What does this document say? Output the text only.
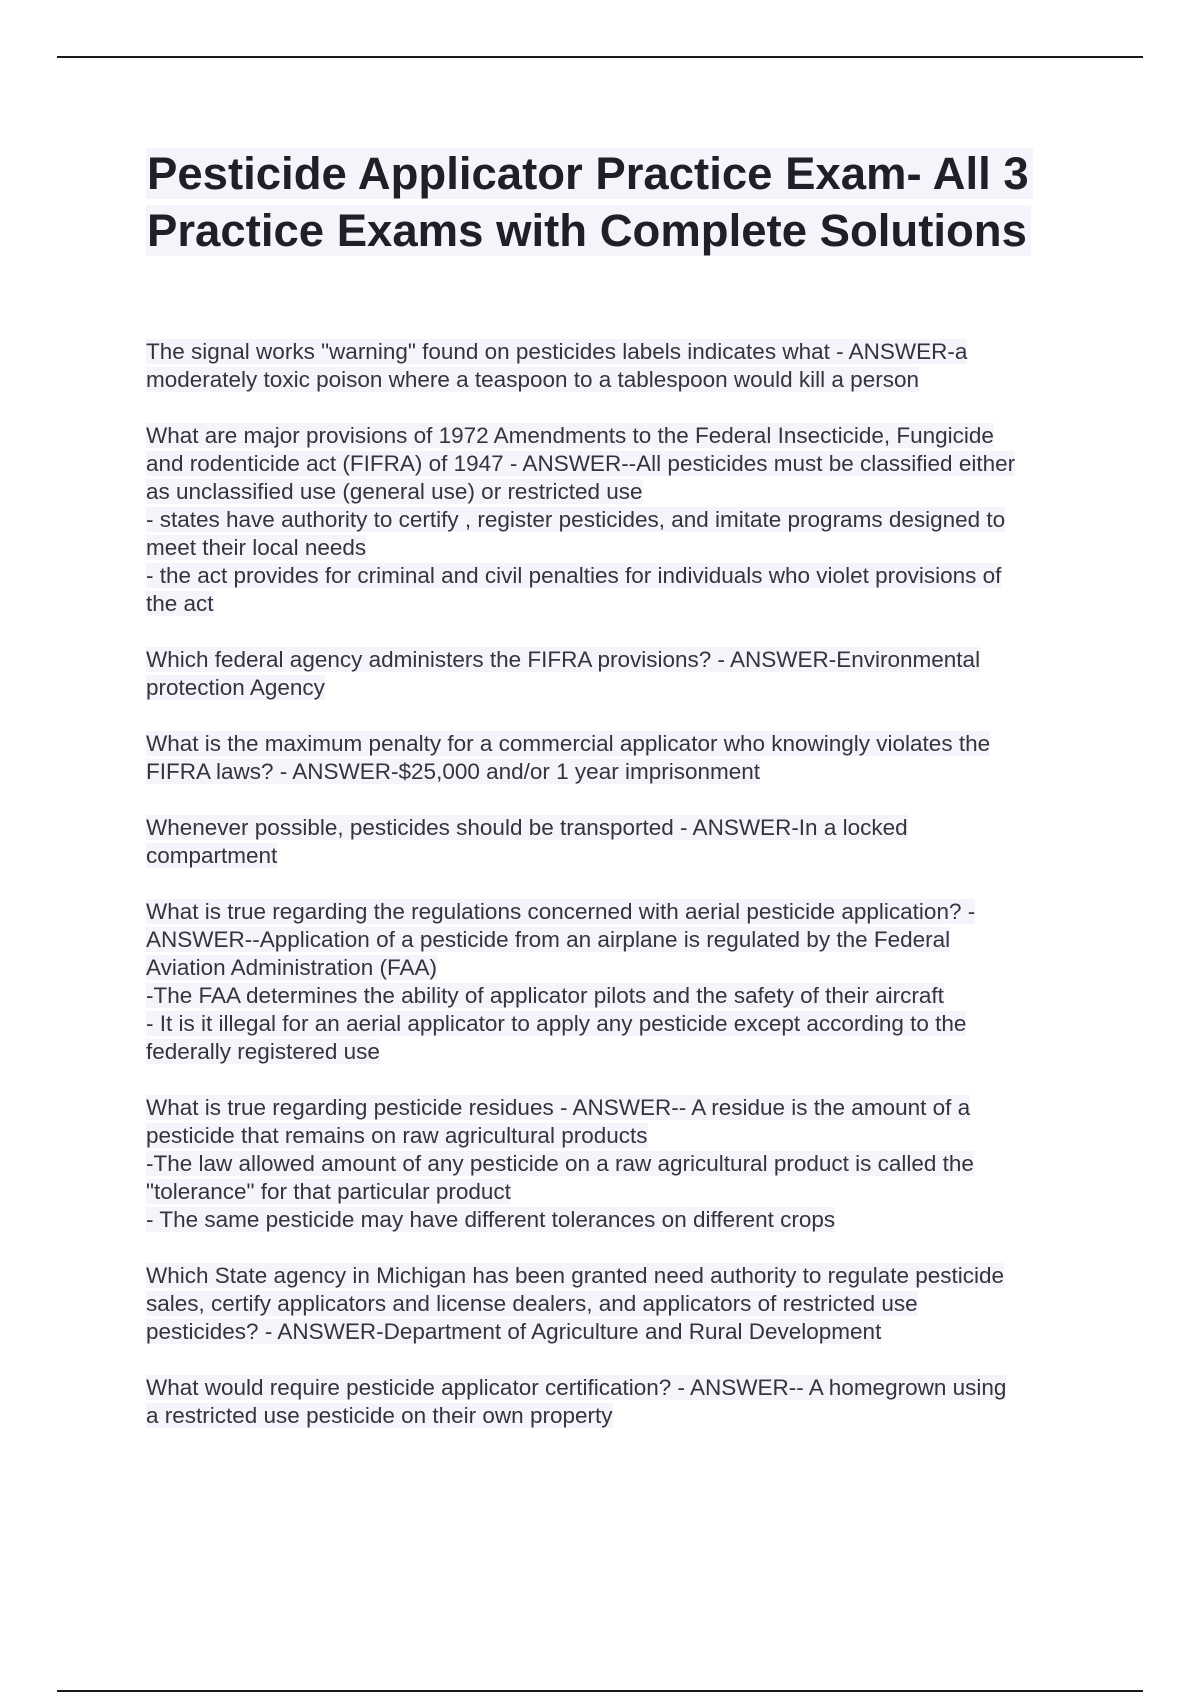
Pesticide Applicator Practice Exam- All 3
Practice Exams with Complete Solutions

The signal works "warning" found on pesticides labels indicates what - ANSWER-a
moderately toxic poison where a teaspoon to a tablespoon would kill a person

What are major provisions of 1972 Amendments to the Federal Insecticide, Fungicide
and rodenticide act (FIFRA) of 1947 - ANSWER--All pesticides must be classified either
as unclassified use (general use) or restricted use
- states have authority to certify , register pesticides, and imitate programs designed to
meet their local needs
- the act provides for criminal and civil penalties for individuals who violet provisions of
the act

Which federal agency administers the FIFRA provisions? - ANSWER-Environmental
protection Agency

What is the maximum penalty for a commercial applicator who knowingly violates the
FIFRA laws? - ANSWER-$25,000 and/or 1 year imprisonment

Whenever possible, pesticides should be transported - ANSWER-In a locked
compartment

What is true regarding the regulations concerned with aerial pesticide application? -
ANSWER--Application of a pesticide from an airplane is regulated by the Federal
Aviation Administration (FAA)
-The FAA determines the ability of applicator pilots and the safety of their aircraft
- It is it illegal for an aerial applicator to apply any pesticide except according to the
federally registered use

What is true regarding pesticide residues - ANSWER-- A residue is the amount of a
pesticide that remains on raw agricultural products
-The law allowed amount of any pesticide on a raw agricultural product is called the
"tolerance" for that particular product
- The same pesticide may have different tolerances on different crops

Which State agency in Michigan has been granted need authority to regulate pesticide
sales, certify applicators and license dealers, and applicators of restricted use
pesticides? - ANSWER-Department of Agriculture and Rural Development

What would require pesticide applicator certification? - ANSWER-- A homegrown using
a restricted use pesticide on their own property
